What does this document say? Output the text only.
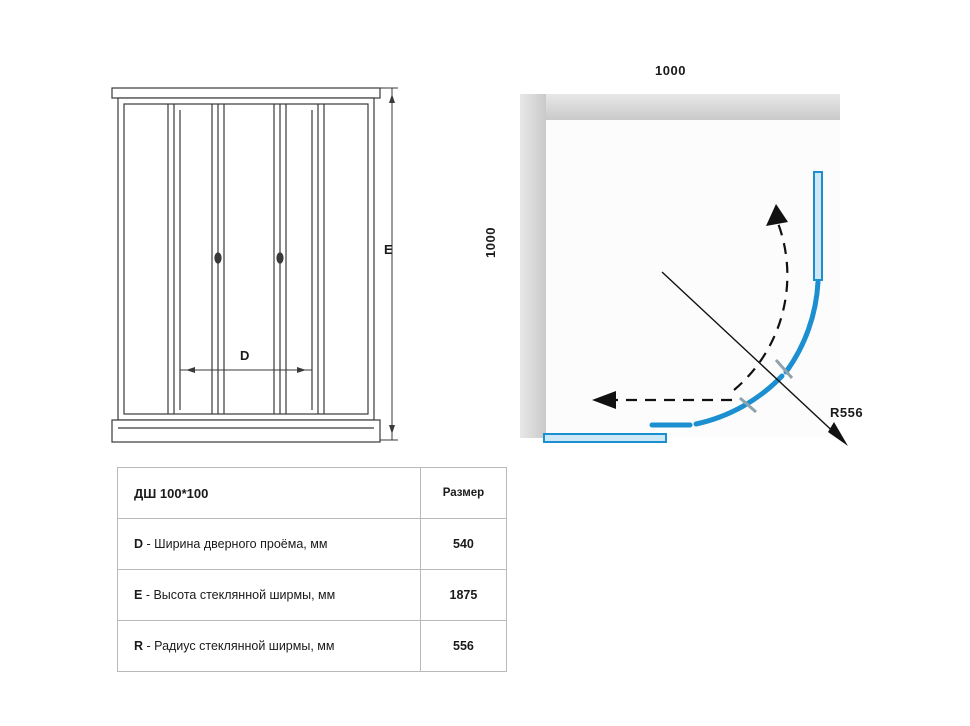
E
D
1000
1000
R556
ДШ 100*100	Размер
D - Ширина дверного проёма, мм	540
E - Высота стеклянной ширмы, мм	1875
R - Радиус стеклянной ширмы, мм	556
